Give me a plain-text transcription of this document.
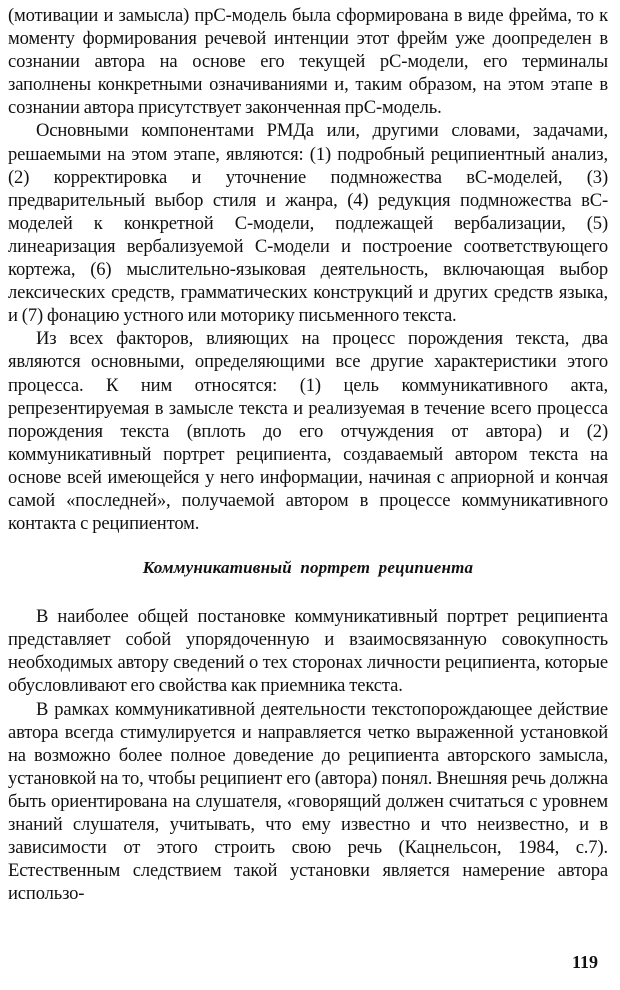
(мотивации и замысла) прС-модель была сформирована в виде фрейма, то к моменту формирования речевой интенции этот фрейм уже доопределен в сознании автора на основе его текущей рС-модели, его терминалы заполнены конкретными означиваниями и, таким образом, на этом этапе в сознании автора присутствует законченная прС-модель.

Основными компонентами РМДа или, другими словами, задачами, решаемыми на этом этапе, являются: (1) подробный реципиентный анализ, (2) корректировка и уточнение подмножества вС-моделей, (3) предварительный выбор стиля и жанра, (4) редукция подмножества вС-моделей к конкретной С-модели, подлежащей вербализации, (5) линеаризация вербализуемой С-модели и построение соответствующего кортежа, (6) мыслительно-языковая деятельность, включающая выбор лексических средств, грамматических конструкций и других средств языка, и (7) фонацию устного или моторику письменного текста.

Из всех факторов, влияющих на процесс порождения текста, два являются основными, определяющими все другие характеристики этого процесса. К ним относятся: (1) цель коммуникативного акта, репрезентируемая в замысле текста и реализуемая в течение всего процесса порождения текста (вплоть до его отчуждения от автора) и (2) коммуникативный портрет реципиента, создаваемый автором текста на основе всей имеющейся у него информации, начиная с априорной и кончая самой «последней», получаемой автором в процессе коммуникативного контакта с реципиентом.

Коммуникативный портрет реципиента

В наиболее общей постановке коммуникативный портрет реципиента представляет собой упорядоченную и взаимосвязанную совокупность необходимых автору сведений о тех сторонах личности реципиента, которые обусловливают его свойства как приемника текста.

В рамках коммуникативной деятельности текстопорождающее действие автора всегда стимулируется и направляется четко выраженной установкой на возможно более полное доведение до реципиента авторского замысла, установкой на то, чтобы реципиент его (автора) понял. Внешняя речь должна быть ориентирована на слушателя, «говорящий должен считаться с уровнем знаний слушателя, учитывать, что ему известно и что неизвестно, и в зависимости от этого строить свою речь (Кацнельсон, 1984, с.7). Естественным следствием такой установки является намерение автора использо-

119
